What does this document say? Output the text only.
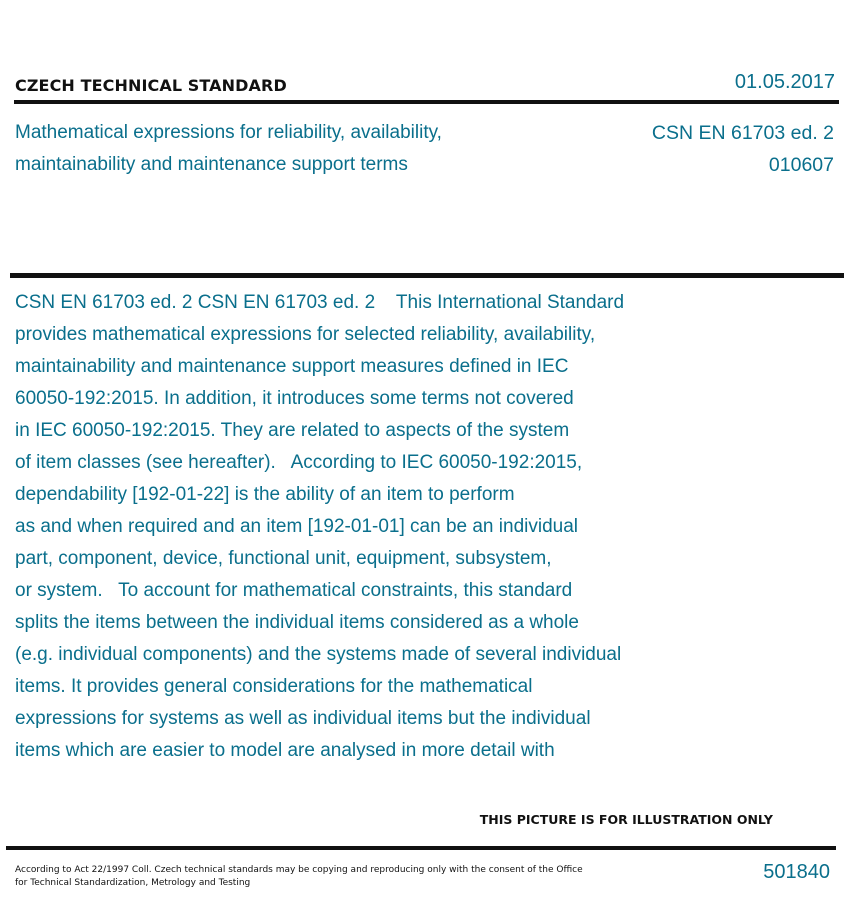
CZECH TECHNICAL STANDARD	01.05.2017
Mathematical expressions for reliability, availability,
maintainability and maintenance support terms
CSN EN 61703 ed. 2
010607
CSN EN 61703 ed. 2 CSN EN 61703 ed. 2    This International Standard
provides mathematical expressions for selected reliability, availability,
maintainability and maintenance support measures defined in IEC
60050-192:2015. In addition, it introduces some terms not covered
in IEC 60050-192:2015. They are related to aspects of the system
of item classes (see hereafter).   According to IEC 60050-192:2015,
dependability [192-01-22] is the ability of an item to perform
as and when required and an item [192-01-01] can be an individual
part, component, device, functional unit, equipment, subsystem,
or system.   To account for mathematical constraints, this standard
splits the items between the individual items considered as a whole
(e.g. individual components) and the systems made of several individual
items. It provides general considerations for the mathematical
expressions for systems as well as individual items but the individual
items which are easier to model are analysed in more detail with
THIS PICTURE IS FOR ILLUSTRATION ONLY
According to Act 22/1997 Coll. Czech technical standards may be copying and reproducing only with the consent of the Office
for Technical Standardization, Metrology and Testing	501840
